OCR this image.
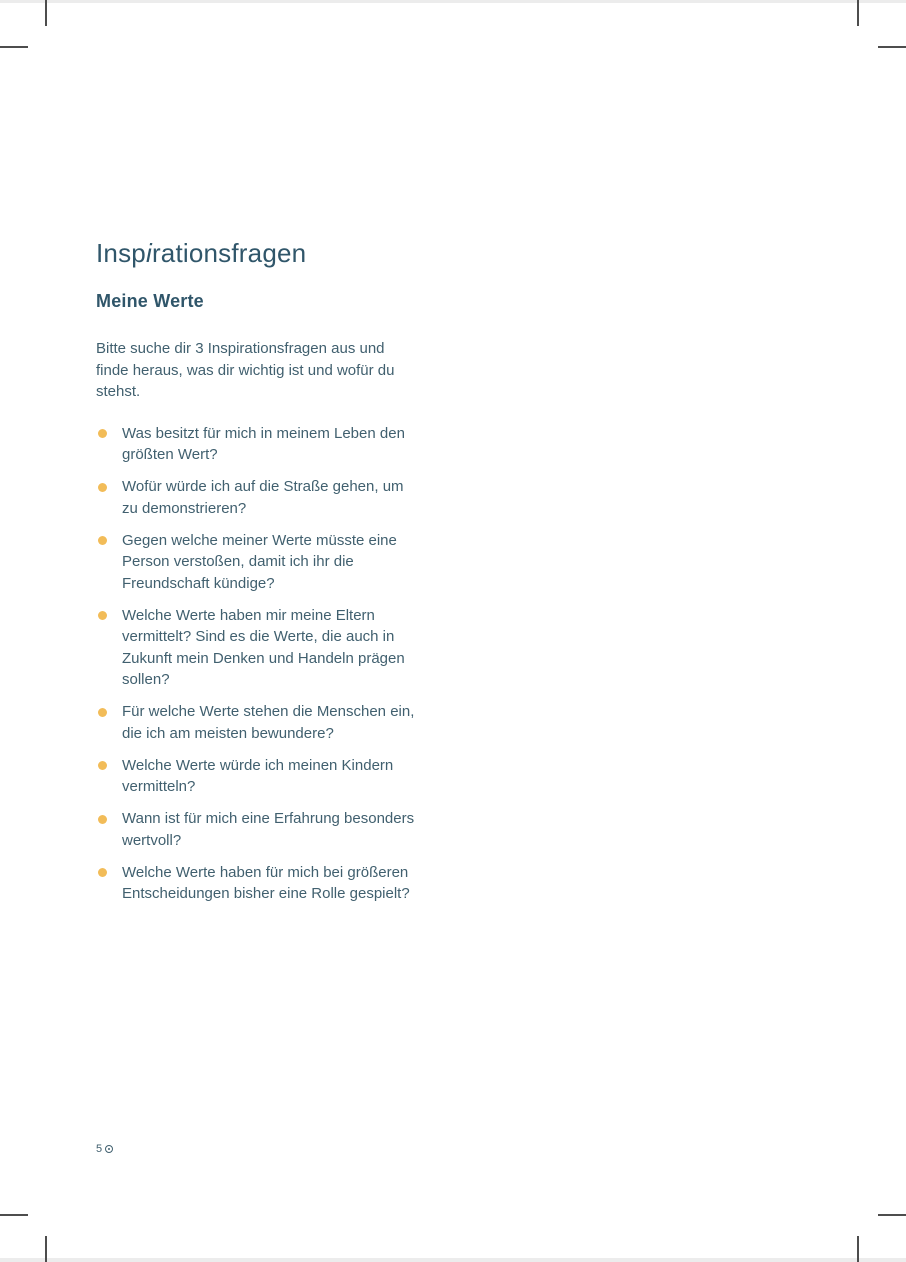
Inspirationsfragen
Meine Werte

Bitte suche dir 3 Inspirationsfragen aus und finde heraus, was dir wichtig ist und wofür du stehst.

Was besitzt für mich in meinem Leben den größten Wert?
Wofür würde ich auf die Straße gehen, um zu demonstrieren?
Gegen welche meiner Werte müsste eine Person verstoßen, damit ich ihr die Freundschaft kündige?
Welche Werte haben mir meine Eltern vermittelt? Sind es die Werte, die auch in Zukunft mein Denken und Handeln prägen sollen?
Für welche Werte stehen die Menschen ein, die ich am meisten bewundere?
Welche Werte würde ich meinen Kindern vermitteln?
Wann ist für mich eine Erfahrung besonders wertvoll?
Welche Werte haben für mich bei größeren Entscheidungen bisher eine Rolle gespielt?
5
